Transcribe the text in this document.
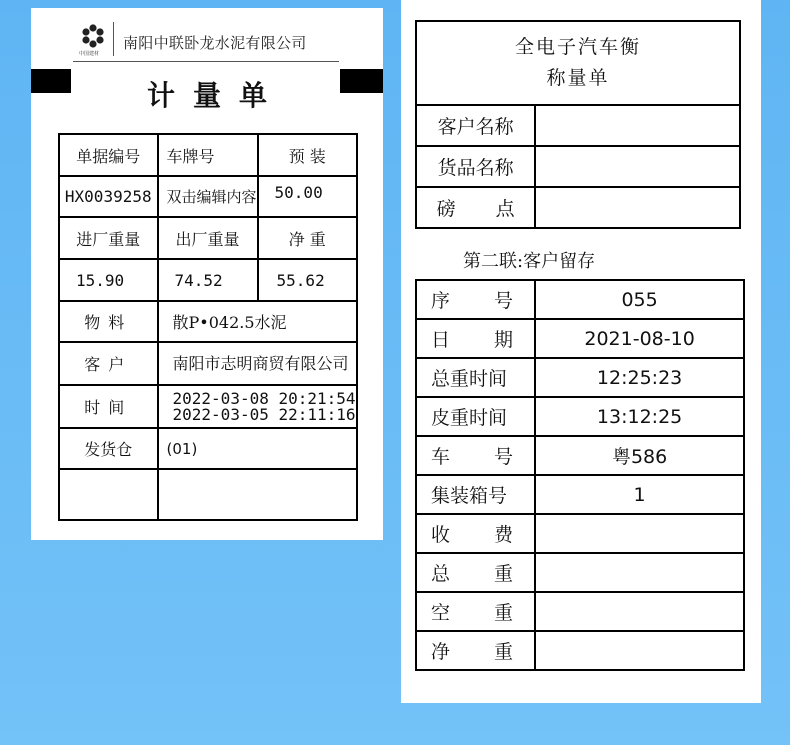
中国建材
南阳中联卧龙水泥有限公司
计量单
单据编号	车牌号	预 装
HX0039258	双击编辑内容	50.00
进厂重量	出厂重量	净 重
15.90	74.52	55.62
物料	散P•042.5水泥	
客户	南阳市志明商贸有限公司	
时间	2022-03-08 20:21:54
2022-03-05 22:11:16	

发货仓	(01)	

全电子汽车衡
称量单	

客户名称	
货品名称	
磅 点	
第二联:客户留存
序 号	055
日 期	2021-08-10
总重时间	12:25:23
皮重时间	13:12:25
车 号	粤586
集装箱号	1
收 费	
总 重	
空 重	
净 重	
